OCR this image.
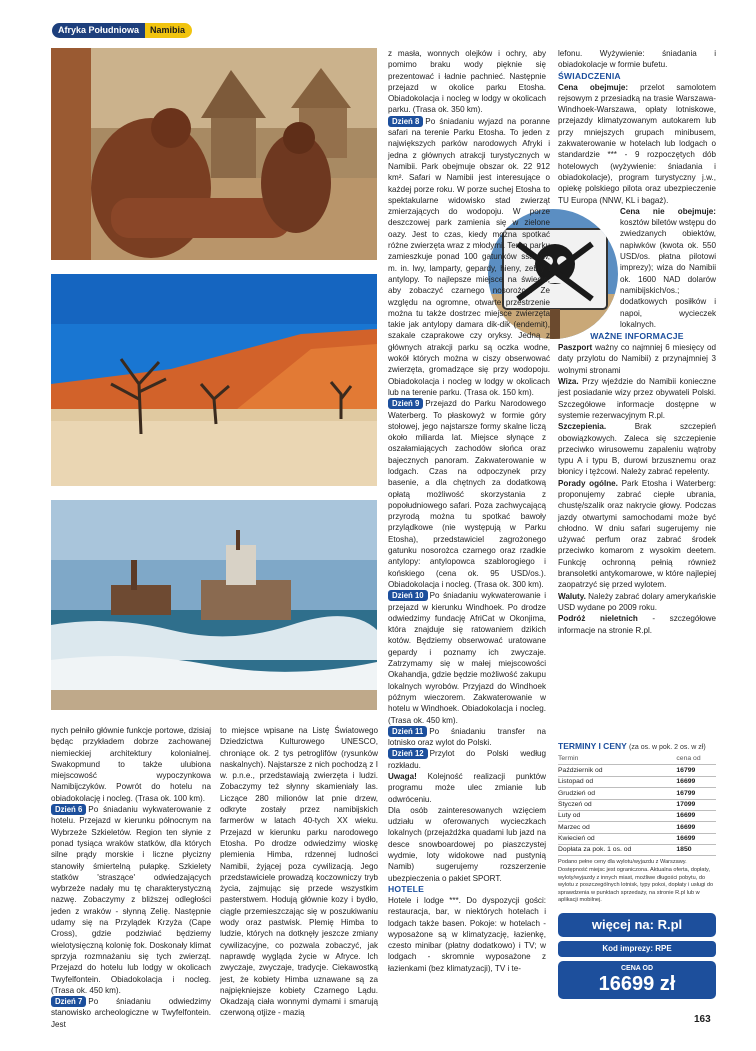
Afryka Południowa	Namibia

nych pełniło głównie funkcje portowe, dzisiaj będąc przykładem dobrze zachowanej niemieckiej architektury kolonialnej. Swakopmund to także ulubiona miejscowość wypoczynkowa Namibijczyków. Powrót do hotelu na obiadokolację i nocleg. (Trasa ok. 100 km).

Dzień 6 Po śniadaniu wykwaterowanie z hotelu. Przejazd w kierunku północnym na Wybrzeże Szkieletów. Region ten słynie z ponad tysiąca wraków statków, dla których silne prądy morskie i liczne płycizny stanowiły śmiertelną pułapkę. Szkielety statków 'straszące' odwiedzających wybrzeże nadały mu tę charakterystyczną nazwę. Zobaczymy z bliższej odległości jeden z wraków - słynną Zelię. Następnie udamy się na Przylądek Krzyża (Cape Cross), gdzie podziwiać będziemy wielotysięczną kolonię fok. Doskonały klimat sprzyja rozmnażaniu się tych zwierząt. Przejazd do hotelu lub lodgy w okolicach Twyfelfontein. Obiadokolacja i nocleg. (Trasa ok. 450 km).

Dzień 7 Po śniadaniu odwiedzimy stanowisko archeologiczne w Twyfelfontein. Jest

to miejsce wpisane na Listę Światowego Dziedzictwa Kulturowego UNESCO, chroniące ok. 2 tys petroglifów (rysunków naskalnych). Najstarsze z nich pochodzą z I w. p.n.e., przedstawiają zwierzęta i ludzi. Zobaczymy też słynny skamieniały las. Liczące 280 milionów lat pnie drzew, odkryte zostały przez namibijskich farmerów w latach 40-tych XX wieku. Przejazd w kierunku parku narodowego Etosha. Po drodze odwiedzimy wioskę plemienia Himba, rdzennej ludności Namibii, żyjącej poza cywilizacją. Jego przedstawiciele prowadzą koczowniczy tryb życia, zajmując się przede wszystkim pasterstwem. Hodują głównie kozy i bydło, ciągle przemieszczając się w poszukiwaniu wody oraz pastwisk. Plemię Himba to ludzie, których na dotknęły jeszcze zmiany cywilizacyjne, co pozwala zobaczyć, jak naprawdę wygląda życie w Afryce. Ich zwyczaje, zwyczaje, tradycje. Ciekawostką jest, że kobiety Himba uznawane są za najpiękniejsze kobiety Czarnego Lądu. Okadzają ciała wonnymi dymami i smarują czerwoną otjize - mazią

z masła, wonnych olejków i ochry, aby pomimo braku wody pięknie się prezentować i ładnie pachnieć. Następnie przejazd w okolice parku Etosha. Obiadokolacja i nocleg w lodgy w okolicach parku. (Trasa ok. 350 km).

Dzień 8 Po śniadaniu wyjazd na poranne safari na terenie Parku Etosha. To jeden z największych parków narodowych Afryki i jedna z głównych atrakcji turystycznych w Namibii. Park obejmuje obszar ok. 22 912 km². Safari w Namibii jest interesujące o każdej porze roku. W porze suchej Etosha to spektakularne widowisko stad zwierząt zmierzających do wodopoju. W porze deszczowej park zamienia się w zielone oazy. Jest to czas, kiedy można spotkać różne zwierzęta wraz z młodymi. Teren parku zamieszkuje ponad 100 gatunków ssaków, m. in. lwy, lamparty, gepardy, hieny, zebry i antylopy. To najlepsze miejsce na świecie, aby zobaczyć czarnego nosorożca. Ze względu na ogromne, otwarte przestrzenie można tu także dostrzec miejsce zwierzęta takie jak antylopy damara dik-dik (endemit), szakale czaprakowe czy oryksy. Jedną z głównych atrakcji parku są oczka wodne, wokół których można w ciszy obserwować zwierzęta, gromadzące się przy wodopoju. Obiadokolacja i nocleg w lodgy w okolicach lub na terenie parku. (Trasa ok. 150 km).

Dzień 9 Przejazd do Parku Narodowego Waterberg. To płaskowyż w formie góry stołowej, jego najstarsze formy skalne liczą około miliarda lat. Miejsce słynące z oszałamiających zachodów słońca oraz bajecznych panoram. Zakwaterowanie w lodgach. Czas na odpoczynek przy basenie, a dla chętnych za dodatkową opłatą możliwość skorzystania z popołudniowego safari. Poza zachwycającą przyrodą można tu spotkać bawoły przylądkowe (nie występują w Parku Etosha), przedstawiciel zagrożonego gatunku nosorożca czarnego oraz rzadkie antylopy: antylopowca szablorogiego i końskiego (cena ok. 95 USD/os.). Obiadokolacja i nocleg. (Trasa ok. 300 km).

Dzień 10 Po śniadaniu wykwaterowanie i przejazd w kierunku Windhoek. Po drodze odwiedzimy fundację AfriCat w Okonjima, która znajduje się ratowaniem dzikich kotów. Będziemy obserwować uratowane gepardy i poznamy ich zwyczaje. Zatrzymamy się w małej miejscowości Okahandja, gdzie będzie możliwość zakupu lokalnych wyrobów. Przyjazd do Windhoek późnym wieczorem. Zakwaterowanie w hotelu w Windhoek. Obiadokolacja i nocleg. (Trasa ok. 450 km).

Dzień 11 Po śniadaniu transfer na lotnisko oraz wylot do Polski.

Dzień 12 Przylot do Polski według rozkładu.

Uwaga! Kolejność realizacji punktów programu może ulec zmianie lub odwróceniu.

Dla osób zainteresowanych wzięciem udziału w oferowanych wycieczkach lokalnych (przejażdżka quadami lub jazd na desce snowboardowej po piaszczystej wydmie, loty widokowe nad pustynią Namib) sugerujemy rozszerzenie ubezpieczenia o pakiet SPORT.

HOTELE

Hotele i lodge ***. Do dyspozycji gości: restauracja, bar, w niektórych hotelach i lodgach także basen. Pokoje: w hotelach - wyposażone są w klimatyzację, łazienkę, czesto minibar (płatny dodatkowo) i TV; w lodgach - skromnie wyposażone z łazienkami (bez klimatyzacji), TV i te-

lefonu. Wyżywienie: śniadania i obiadokolacje w formie bufetu.

ŚWIADCZENIA

Cena obejmuje: przelot samolotem rejsowym z przesiadką na trasie Warszawa-Windhoek-Warszawa, opłaty lotniskowe, przejazdy klimatyzowanym autokarem lub przy mniejszych grupach minibusem, zakwaterowanie w hotelach lub lodgach o standardzie *** - 9 rozpoczętych dób hotelowych (wyżywienie: śniadania i obiadokolacje), program turystyczny j.w., opiekę polskiego pilota oraz ubezpieczenie TU Europa (NNW, KL i bagaż).

Cena nie obejmuje: kosztów biletów wstępu do zwiedzanych obiektów, napiwków (kwota ok. 550 USD/os. płatna pilotowi imprezy); wiza do Namibii ok. 1600 NAD dolarów namibijskich/os.; dodatkowych posiłków i napoi, wycieczek lokalnych.

WAŻNE INFORMACJE

Paszport ważny co najmniej 6 miesięcy od daty przylotu do Namibii) z przynajmniej 3 wolnymi stronami

Wiza. Przy wjeździe do Namibii konieczne jest posiadanie wizy przez obywateli Polski. Szczegółowe informacje dostępne w systemie rezerwacyjnym R.pl.

Szczepienia.	Brak szczepień obowiązkowych. Zaleca się szczepienie przeciwko wirusowemu zapaleniu wątroby typu A i typu B, durowi brzusznemu oraz błonicy i tężcowi. Należy zabrać repelenty.

Porady ogólne. Park Etosha i Waterberg: proponujemy zabrać ciepłe ubrania, chustę/szalik oraz nakrycie głowy. Podczas jazdy otwartymi samochodami może być chłodno. W dniu safari sugerujemy nie używać perfum oraz zabrać środek przeciwko komarom z wysokim deetem. Funkcję ochronną pełnią również bransoletki antykomarowe, w które najlepiej zaopatrzyć się przed wylotem.

Waluty. Należy zabrać dolary amerykańskie USD wydane po 2009 roku.

Podróż nieletnich - szczegółowe informacje na stronie R.pl.

TERMINY I CENY (za os. w pok. 2 os. w zł)
Termin	cena od
Październik od	16799
Listopad od	16699
Grudzień od	16799
Styczeń od	17099
Luty od	16699
Marzec od	16699
Kwiecień od	16699
Dopłata za pok. 1 os. od	1850
Podano pełne ceny dla wylotu/wyjazdu z Warszawy. Dostępność miejsc jest ograniczona. Aktualna oferta, dopłaty, wyloty/wyjazdy z innych miast, możliwe długości pobytu, do wylotu z poszczególnych lotnisk, typy pokoi, dopłaty i usługi do sprawdzenia w punktach sprzedaży, na stronie R.pl lub w aplikacji mobilnej.
więcej na: R.pl
Kod imprezy: RPE
CENA OD
16699 zł
163
